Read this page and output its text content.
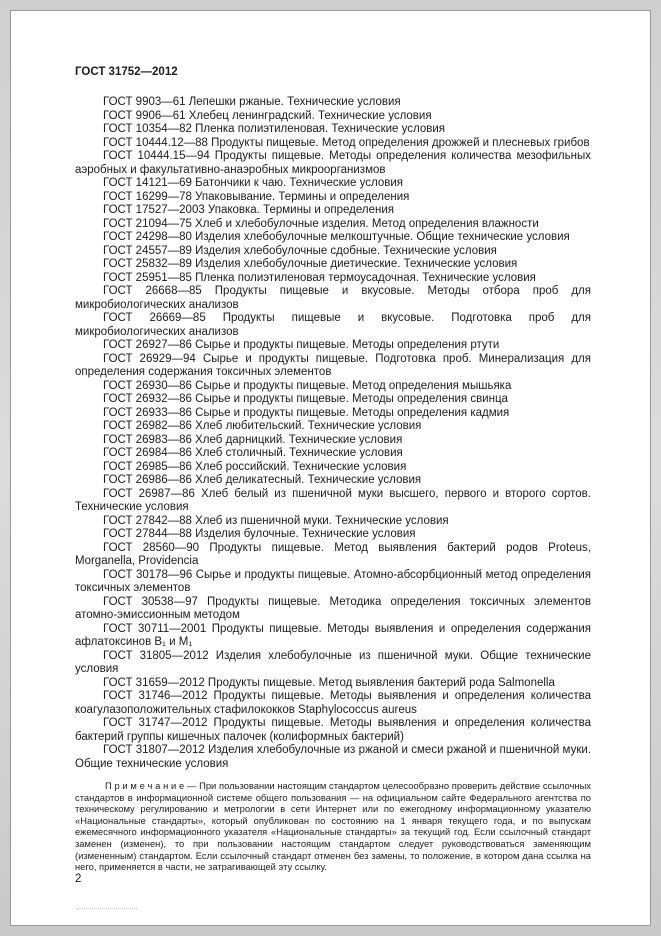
ГОСТ 31752—2012

ГОСТ 9903—61 Лепешки ржаные. Технические условия

ГОСТ 9906—61 Хлебец ленинградский. Технические условия

ГОСТ 10354—82 Пленка полиэтиленовая. Технические условия

ГОСТ 10444.12—88 Продукты пищевые. Метод определения дрожжей и плесневых грибов

ГОСТ 10444.15—94 Продукты пищевые. Методы определения количества мезофильных аэробных и факультативно-анаэробных микроорганизмов

ГОСТ 14121—69 Батончики к чаю. Технические условия

ГОСТ 16299—78 Упаковывание. Термины и определения

ГОСТ 17527—2003 Упаковка. Термины и определения

ГОСТ 21094—75 Хлеб и хлебобулочные изделия. Метод определения влажности

ГОСТ 24298—80 Изделия хлебобулочные мелкоштучные. Общие технические условия

ГОСТ 24557—89 Изделия хлебобулочные сдобные. Технические условия

ГОСТ 25832—89 Изделия хлебобулочные диетические. Технические условия

ГОСТ 25951—85 Пленка полиэтиленовая термоусадочная. Технические условия

ГОСТ 26668—85 Продукты пищевые и вкусовые. Методы отбора проб для микробиологических анализов

ГОСТ 26669—85 Продукты пищевые и вкусовые. Подготовка проб для микробиологических анализов

ГОСТ 26927—86 Сырье и продукты пищевые. Методы определения ртути

ГОСТ 26929—94 Сырье и продукты пищевые. Подготовка проб. Минерализация для определения содержания токсичных элементов

ГОСТ 26930—86 Сырье и продукты пищевые. Метод определения мышьяка

ГОСТ 26932—86 Сырье и продукты пищевые. Методы определения свинца

ГОСТ 26933—86 Сырье и продукты пищевые. Методы определения кадмия

ГОСТ 26982—86 Хлеб любительский. Технические условия

ГОСТ 26983—86 Хлеб дарницкий. Технические условия

ГОСТ 26984—86 Хлеб столичный. Технические условия

ГОСТ 26985—86 Хлеб российский. Технические условия

ГОСТ 26986—86 Хлеб деликатесный. Технические условия

ГОСТ 26987—86 Хлеб белый из пшеничной муки высшего, первого и второго сортов. Технические условия

ГОСТ 27842—88 Хлеб из пшеничной муки. Технические условия

ГОСТ 27844—88 Изделия булочные. Технические условия

ГОСТ 28560—90 Продукты пищевые. Метод выявления бактерий родов Proteus, Morganella, Providencia

ГОСТ 30178—96 Сырье и продукты пищевые. Атомно-абсорбционный метод определения токсичных элементов

ГОСТ 30538—97 Продукты пищевые. Методика определения токсичных элементов атомно-эмиссионным методом

ГОСТ 30711—2001 Продукты пищевые. Методы выявления и определения содержания афлатоксинов B₁ и M₁

ГОСТ 31805—2012 Изделия хлебобулочные из пшеничной муки. Общие технические условия

ГОСТ 31659—2012 Продукты пищевые. Метод выявления бактерий рода Salmonella

ГОСТ 31746—2012 Продукты пищевые. Методы выявления и определения количества коагулазоположительных стафилококков Staphylococcus aureus

ГОСТ 31747—2012 Продукты пищевые. Методы выявления и определения количества бактерий группы кишечных палочек (колиформных бактерий)

ГОСТ 31807—2012 Изделия хлебобулочные из ржаной и смеси ржаной и пшеничной муки. Общие технические условия

П р и м е ч а н и е — При пользовании настоящим стандартом целесообразно проверить действие ссылочных стандартов в информационной системе общего пользования — на официальном сайте Федерального агентства по техническому регулированию и метрологии в сети Интернет или по ежегодному информационному указателю «Национальные стандарты», который опубликован по состоянию на 1 января текущего года, и по выпускам ежемесячного информационного указателя «Национальные стандарты» за текущий год. Если ссылочный стандарт заменен (изменен), то при пользовании настоящим стандартом следует руководствоваться заменяющим (измененным) стандартом. Если ссылочный стандарт отменен без замены, то положение, в котором дана ссылка на него, применяется в части, не затрагивающей эту ссылку.

2
